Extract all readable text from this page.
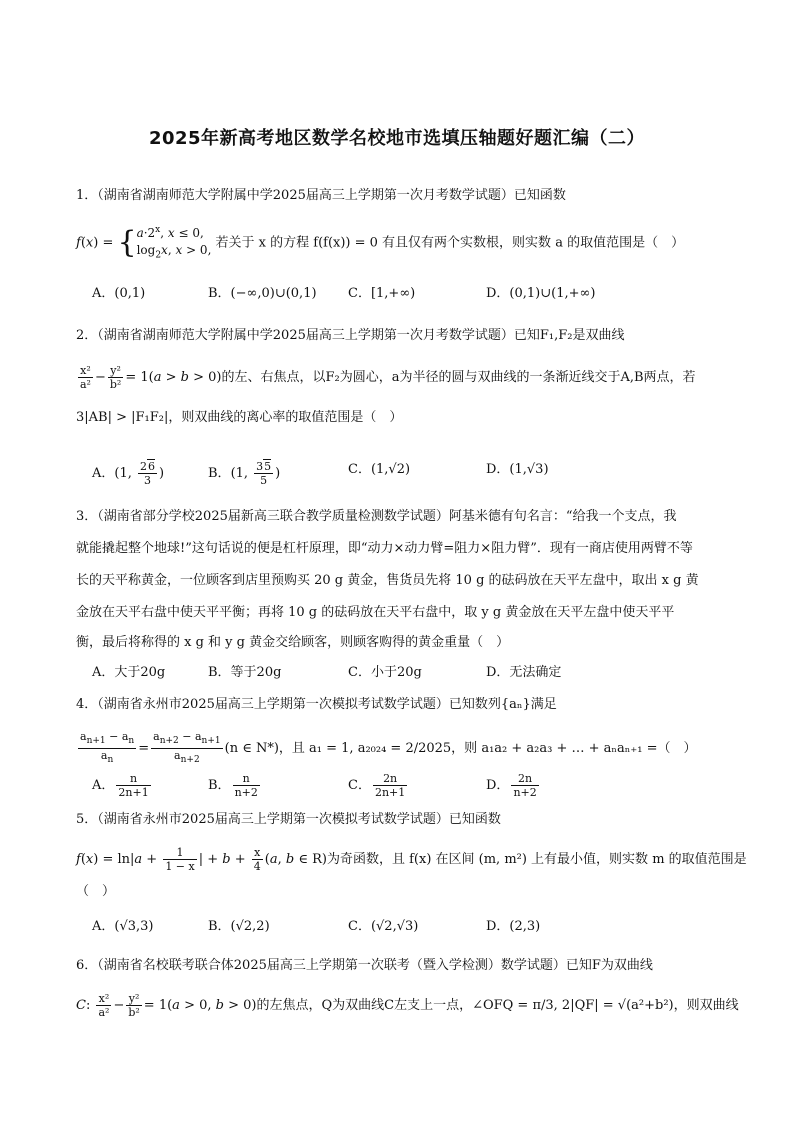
2025年新高考地区数学名校地市选填压轴题好题汇编（二）
1．（湖南省湖南师范大学附属中学2025届高三上学期第一次月考数学试题）已知函数
$f(x) = \{a\cdot 2^x$, x ≤ 0,
$\log_2x$, x > 0, 若关于 x 的方程 f(f(x)) = 0 有且仅有两个实数根，则实数 a 的取值范围是（　）
A．(0,1)	B．(−∞,0)∪(0,1) C．[1,+∞)	D．(0,1)∪(1,+∞)
2．（湖南省湖南师范大学附属中学2025届高三上学期第一次月考数学试题）已知F₁,F₂是双曲线
$\frac{\text{x²}}{\text{a²}} - \frac{\text{y²}}{\text{b²}} = 1(a > b > 0)$的左、右焦点，以F₂为圆心，a为半径的圆与双曲线的一条渐近线交于A,B两点，若
3|AB| > |F₁F₂|，则双曲线的离心率的取值范围是（　）
A．(1, $\frac{26}{3}$ )	B．(1, $\frac{35}{5}$ )	C．(1,√2)	D．(1,√3)
3．（湖南省部分学校2025届新高三联合教学质量检测数学试题）阿基米德有句名言：“给我一个支点，我
就能撬起整个地球!”这句话说的便是杠杆原理，即“动力×动力臂=阻力×阻力臂”．现有一商店使用两臂不等
长的天平称黄金，一位顾客到店里预购买 20 g 黄金，售货员先将 10 g 的砝码放在天平左盘中，取出 x g 黄
金放在天平右盘中使天平平衡；再将 10 g 的砝码放在天平右盘中，取 y g 黄金放在天平左盘中使天平平
衡，最后将称得的 x g 和 y g 黄金交给顾客，则顾客购得的黄金重量（　）
A．大于20g	B．等于20g	C．小于20g	D．无法确定
4．（湖南省永州市2025届高三上学期第一次模拟考试数学试题）已知数列{aₙ}满足
$\frac{a_{n+1} - a_n}{a_n} = \frac{a_{n+2} - a_{n+1}}{a_{n+2}} (n$ ∈ N*)，且 a₁ = 1, a₂₀₂₄ = 2/2025，则 a₁a₂ + a₂a₃ + … + aₙaₙ₊₁ =（　）
A． $\frac{n}{2n+1}$	B． $\frac{n}{n+2}$	C． $\frac{2n}{2n+1}$	D． $\frac{2n}{n+2}$
5．（湖南省永州市2025届高三上学期第一次模拟考试数学试题）已知函数
$f(x) = \ln|a + \frac{1}{1 - x}$ | + $b + \frac{x}{4} (a$, b ∈ R)为奇函数，且 f(x) 在区间 (m, m²) 上有最小值，则实数 m 的取值范围是
（　）
A．(√3,3)	B．(√2,2)	C．(√2,√3)	D．(2,3)
6．（湖南省名校联考联合体2025届高三上学期第一次联考（暨入学检测）数学试题）已知F为双曲线
C: $\frac{\text{x²}}{\text{a²}} - \frac{\text{y²}}{\text{b²}} = 1(a > 0$, b > 0)的左焦点，Q为双曲线C左支上一点，∠OFQ = π/3, 2|QF| = √(a²+b²)，则双曲线
